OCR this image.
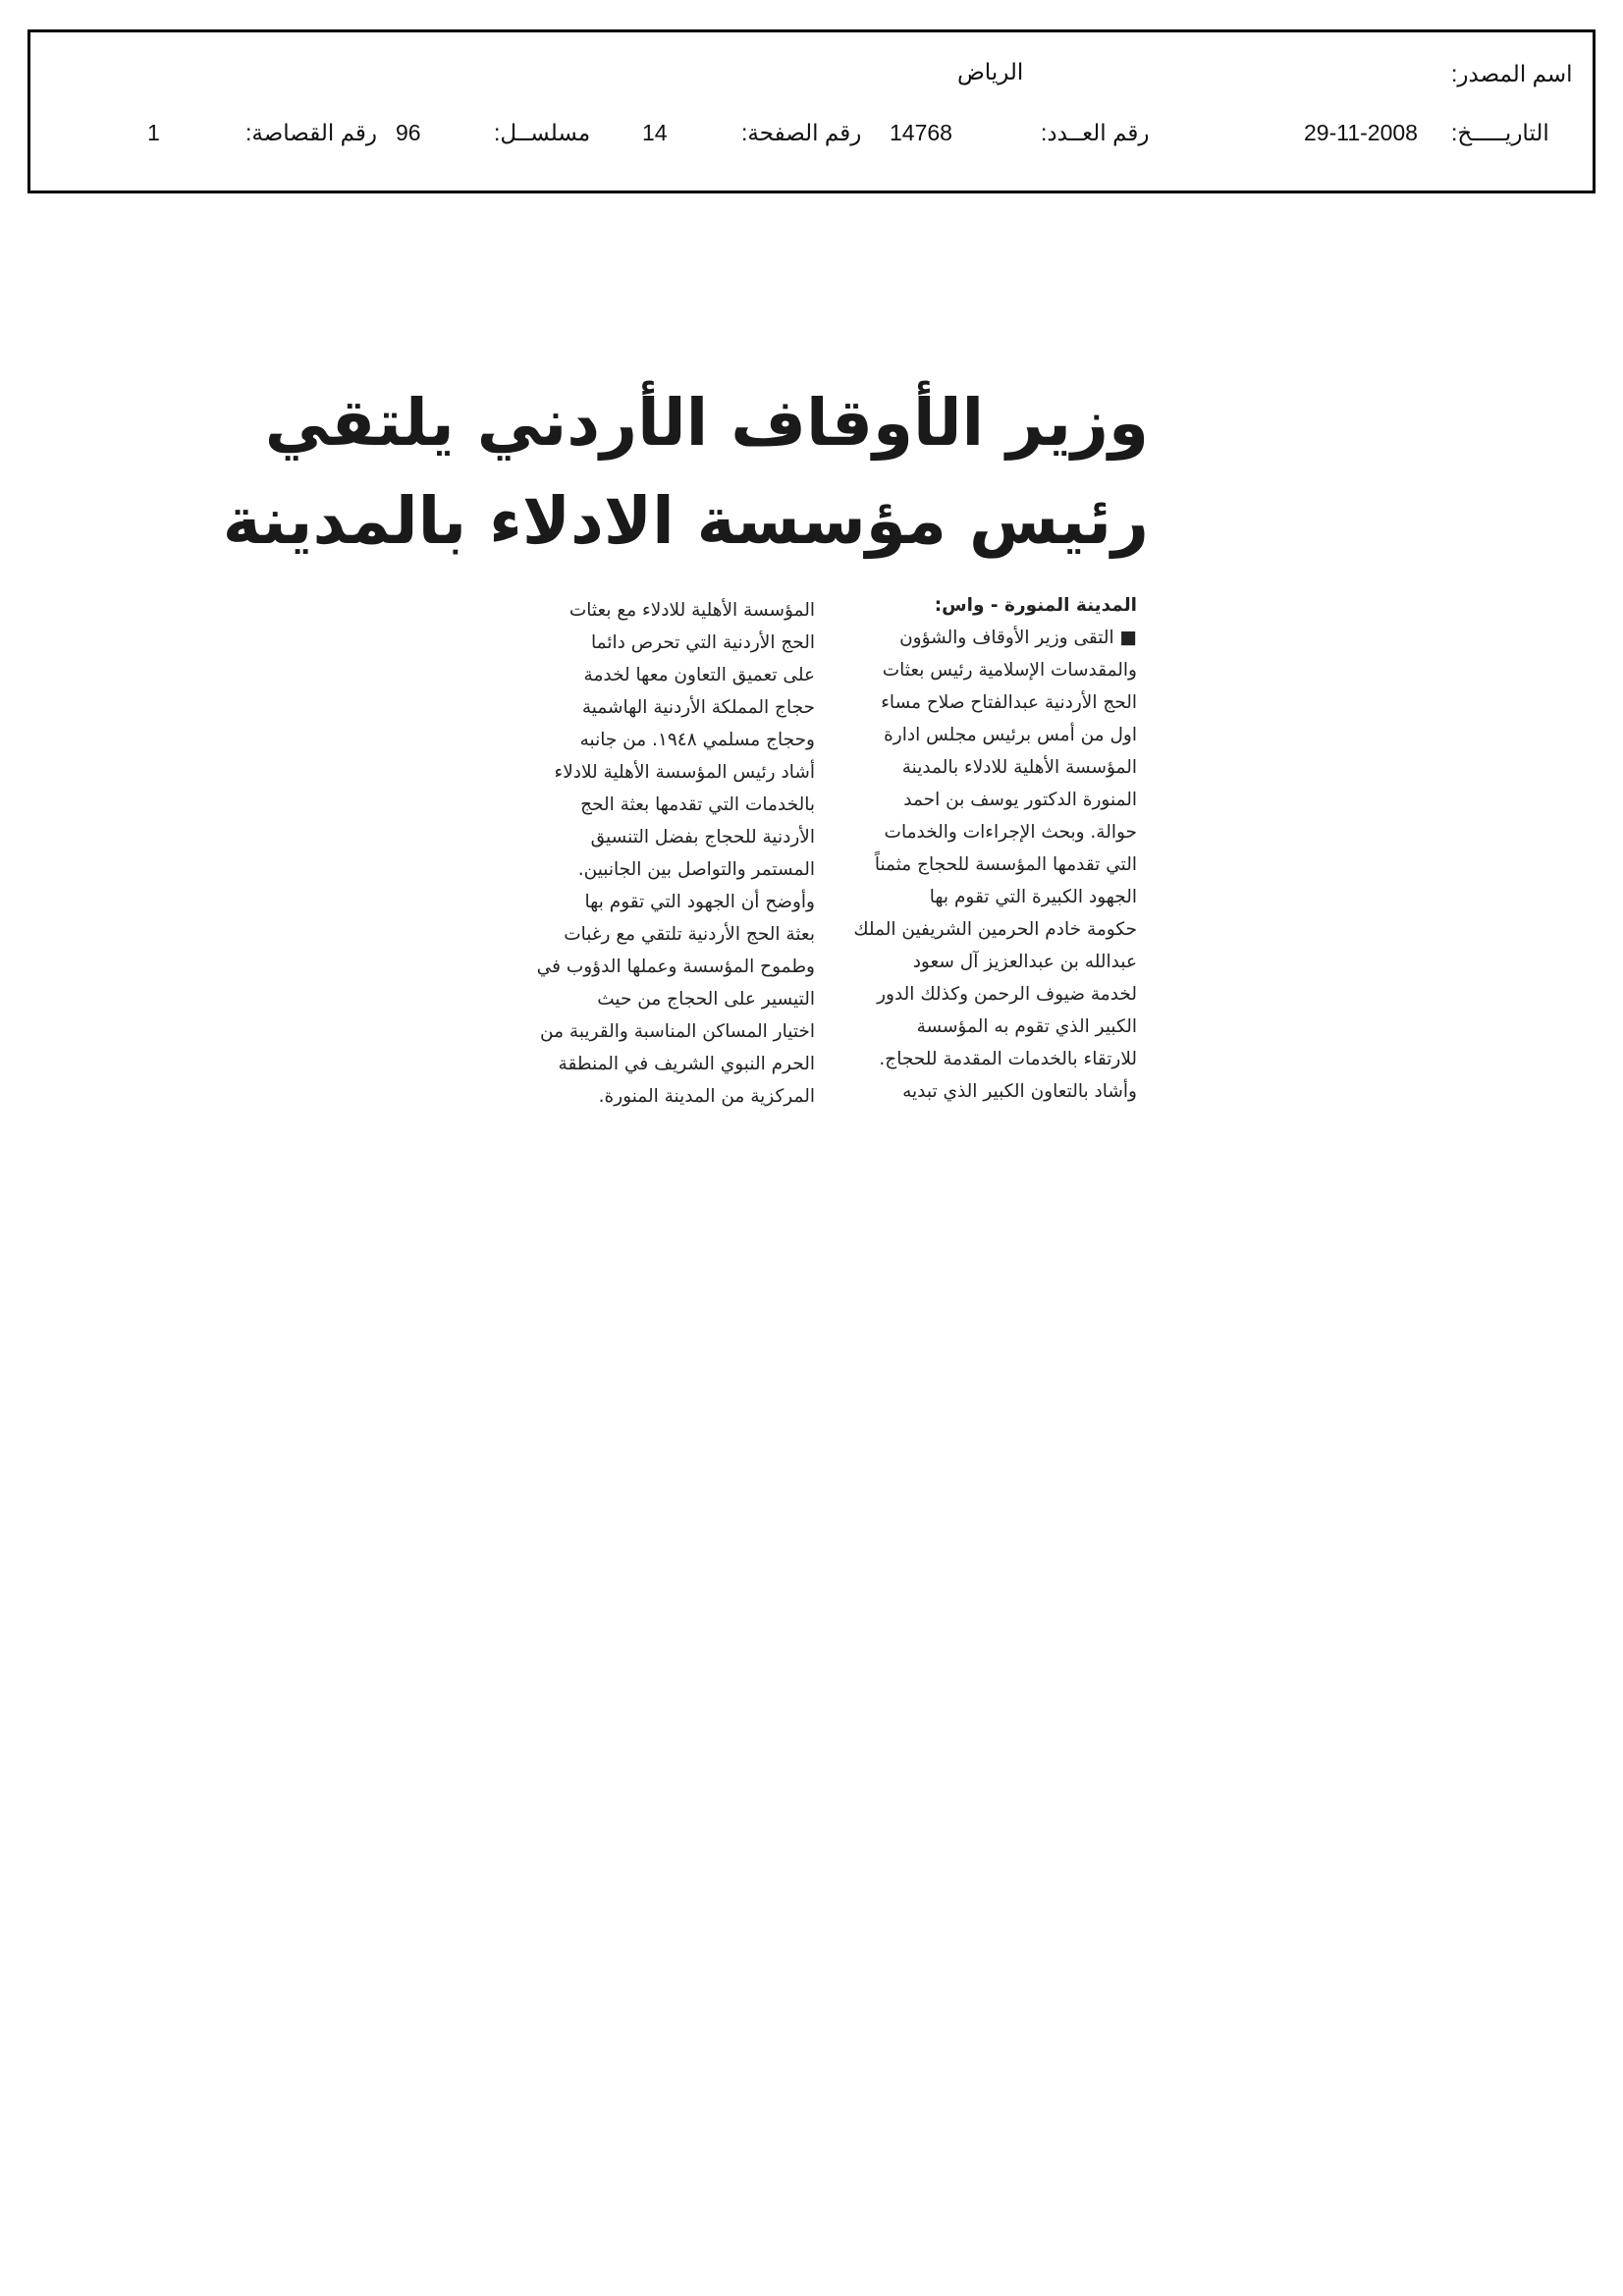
اسم المصدر:
الرياض
التاريـــــخ:
29-11-2008
رقم العــدد:
14768
رقم الصفحة:
14
مسلســل:
96
رقم القصاصة:
1
وزير الأوقاف الأردني يلتقي
رئيس مؤسسة الادلاء بالمدينة
المدينة المنورة - واس:
■ التقى وزير الأوقاف والشؤون
والمقدسات الإسلامية رئيس بعثات
الحج الأردنية عبدالفتاح صلاح مساء
اول من أمس برئيس مجلس ادارة
المؤسسة الأهلية للادلاء بالمدينة
المنورة الدكتور يوسف بن احمد
حوالة. وبحث الإجراءات والخدمات
التي تقدمها المؤسسة للحجاج مثمناً
الجهود الكبيرة التي تقوم بها
حكومة خادم الحرمين الشريفين الملك
عبدالله بن عبدالعزيز آل سعود
لخدمة ضيوف الرحمن وكذلك الدور
الكبير الذي تقوم به المؤسسة
للارتقاء بالخدمات المقدمة للحجاج.
وأشاد بالتعاون الكبير الذي تبديه
المؤسسة الأهلية للادلاء مع بعثات
الحج الأردنية التي تحرص دائما
على تعميق التعاون معها لخدمة
حجاج المملكة الأردنية الهاشمية
وحجاج مسلمي ١٩٤٨. من جانبه
أشاد رئيس المؤسسة الأهلية للادلاء
بالخدمات التي تقدمها بعثة الحج
الأردنية للحجاج بفضل التنسيق
المستمر والتواصل بين الجانبين.
وأوضح أن الجهود التي تقوم بها
بعثة الحج الأردنية تلتقي مع رغبات
وطموح المؤسسة وعملها الدؤوب في
التيسير على الحجاج من حيث
اختيار المساكن المناسبة والقريبة من
الحرم النبوي الشريف في المنطقة
المركزية من المدينة المنورة.
